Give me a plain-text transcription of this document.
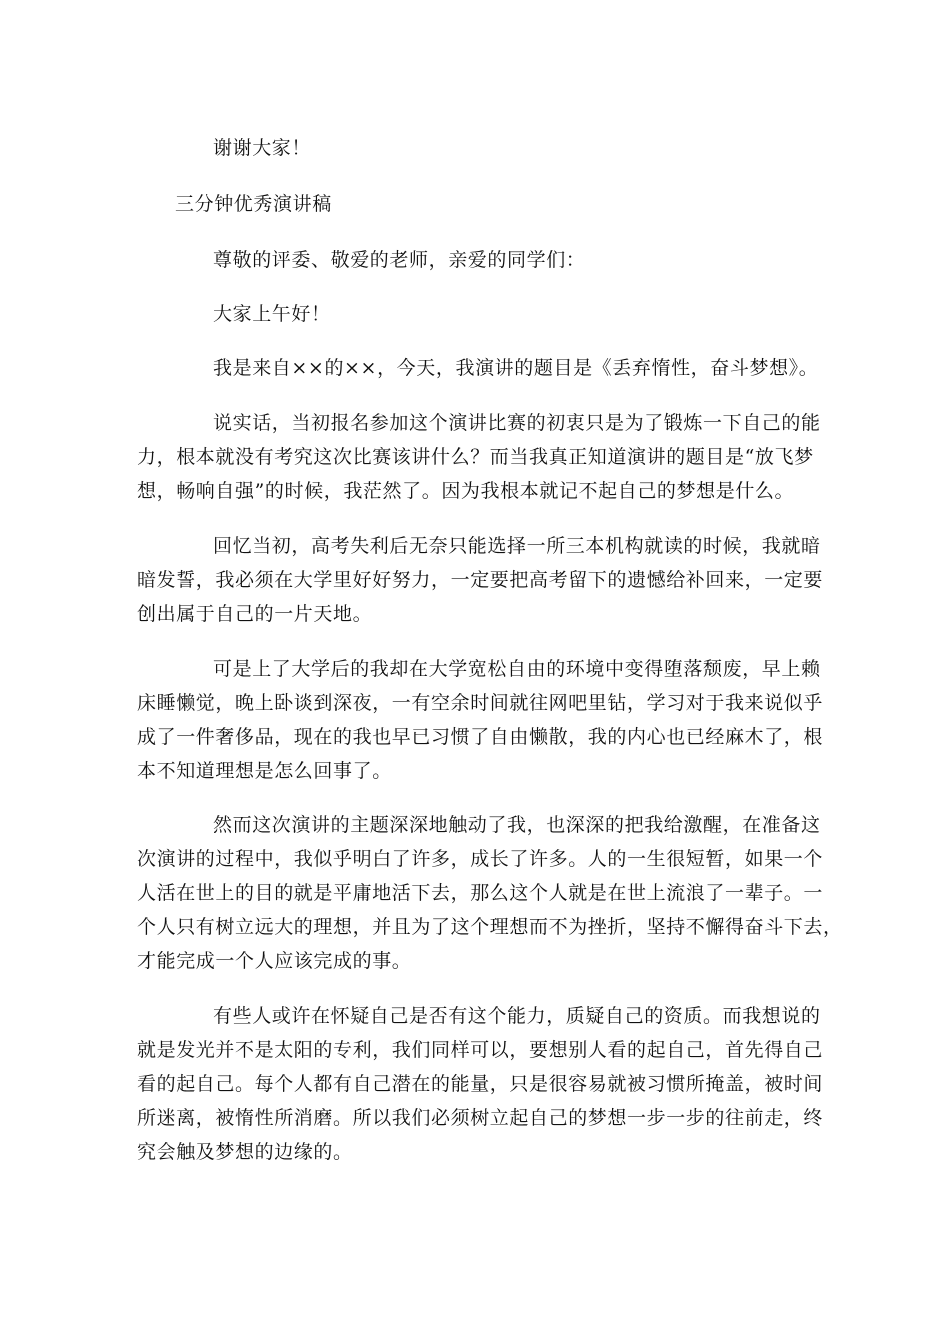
谢谢大家！
三分钟优秀演讲稿
尊敬的评委、敬爱的老师，亲爱的同学们：
大家上午好！
我是来自××的××，今天，我演讲的题目是《丢弃惰性，奋斗梦想》。
说实话，当初报名参加这个演讲比赛的初衷只是为了锻炼一下自己的能
力，根本就没有考究这次比赛该讲什么？而当我真正知道演讲的题目是“放飞梦
想，畅响自强”的时候，我茫然了。因为我根本就记不起自己的梦想是什么。
回忆当初，高考失利后无奈只能选择一所三本机构就读的时候，我就暗
暗发誓，我必须在大学里好好努力，一定要把高考留下的遗憾给补回来，一定要
创出属于自己的一片天地。
可是上了大学后的我却在大学宽松自由的环境中变得堕落颓废，早上赖
床睡懒觉，晚上卧谈到深夜，一有空余时间就往网吧里钻，学习对于我来说似乎
成了一件奢侈品，现在的我也早已习惯了自由懒散，我的内心也已经麻木了，根
本不知道理想是怎么回事了。
然而这次演讲的主题深深地触动了我，也深深的把我给激醒，在准备这
次演讲的过程中，我似乎明白了许多，成长了许多。人的一生很短暂，如果一个
人活在世上的目的就是平庸地活下去，那么这个人就是在世上流浪了一辈子。一
个人只有树立远大的理想，并且为了这个理想而不为挫折，坚持不懈得奋斗下去，
才能完成一个人应该完成的事。
有些人或许在怀疑自己是否有这个能力，质疑自己的资质。而我想说的
就是发光并不是太阳的专利，我们同样可以，要想别人看的起自己，首先得自己
看的起自己。每个人都有自己潜在的能量，只是很容易就被习惯所掩盖，被时间
所迷离，被惰性所消磨。所以我们必须树立起自己的梦想一步一步的往前走，终
究会触及梦想的边缘的。
